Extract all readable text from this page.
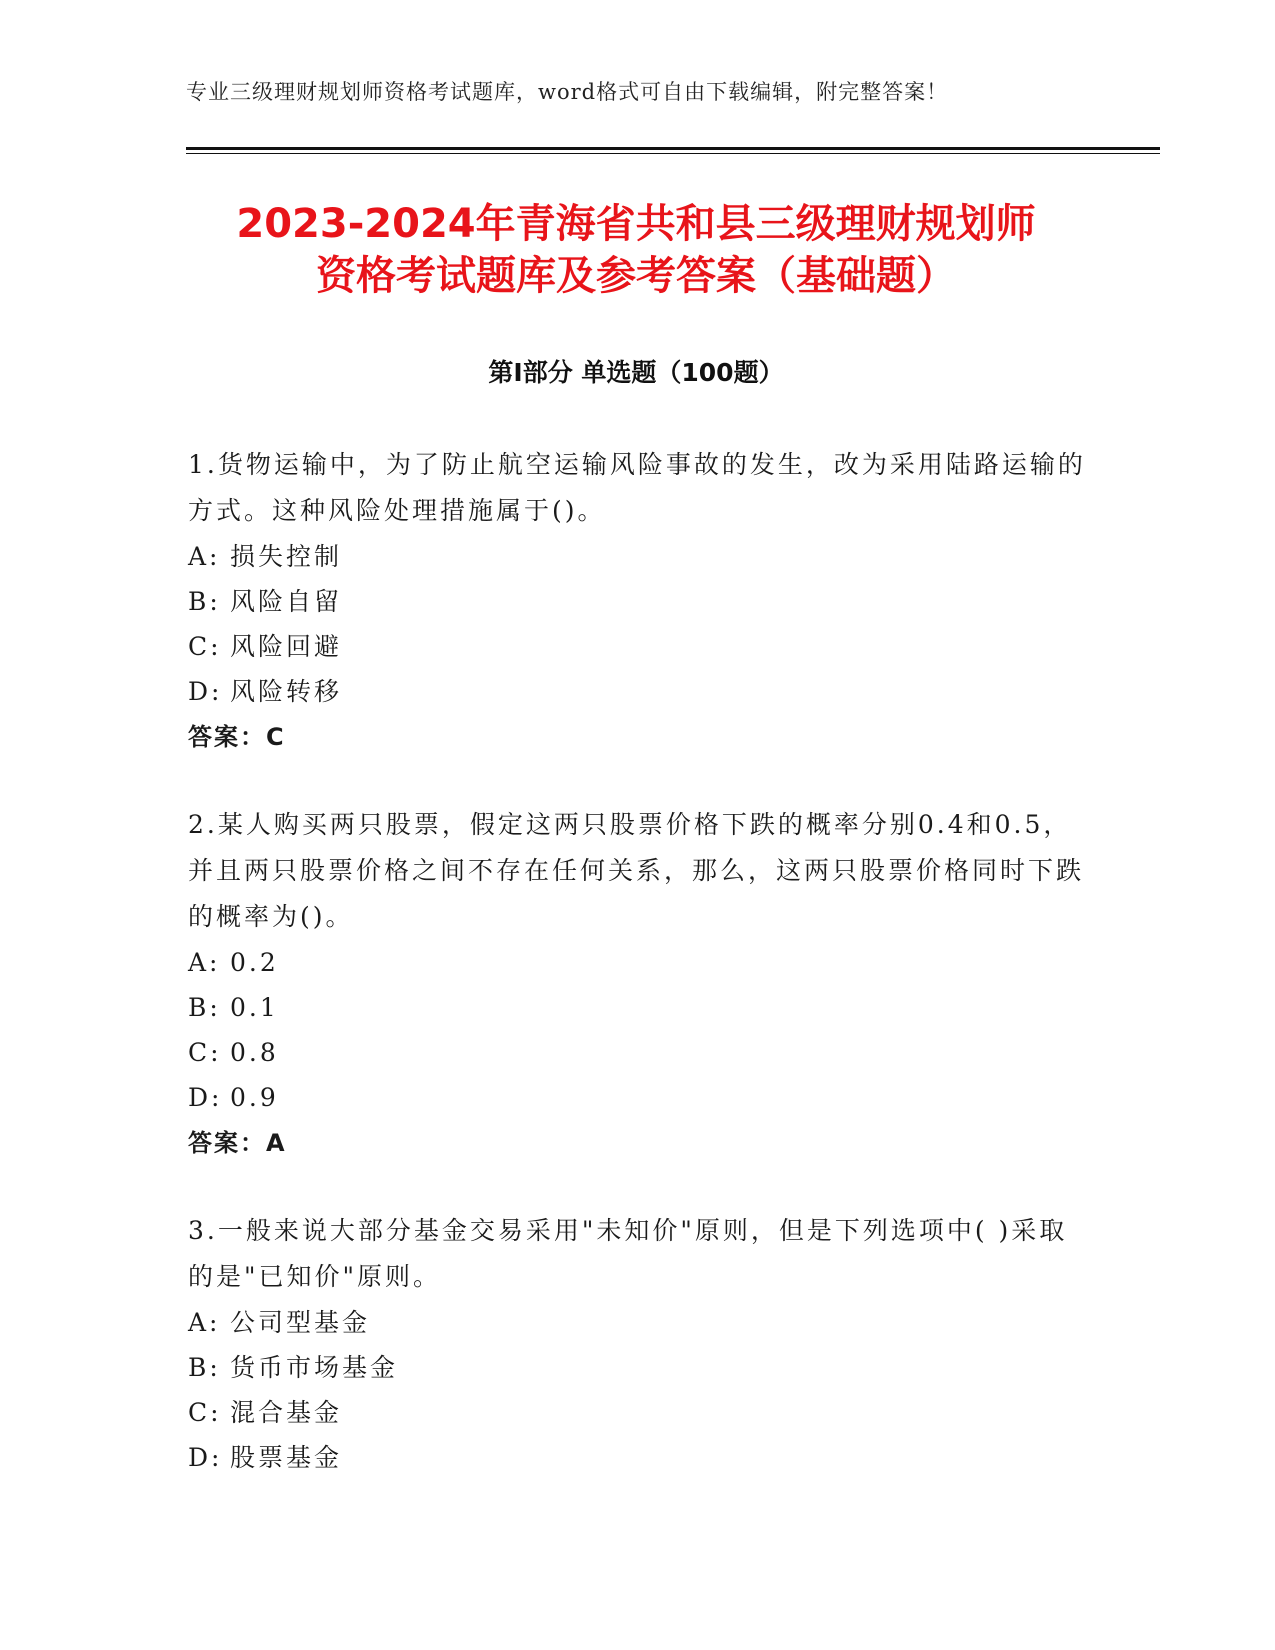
专业三级理财规划师资格考试题库，word格式可自由下载编辑，附完整答案！
2023-2024年青海省共和县三级理财规划师
资格考试题库及参考答案（基础题）
第Ⅰ部分 单选题（100题）

1.货物运输中，为了防止航空运输风险事故的发生，改为采用陆路运输的方式。这种风险处理措施属于()。

A: 损失控制

B: 风险自留

C: 风险回避

D: 风险转移

答案：C

2.某人购买两只股票，假定这两只股票价格下跌的概率分别0.4和0.5，并且两只股票价格之间不存在任何关系，那么，这两只股票价格同时下跌的概率为()。

A: 0.2

B: 0.1

C: 0.8

D: 0.9

答案：A

3.一般来说大部分基金交易采用"未知价"原则，但是下列选项中( )采取的是"已知价"原则。

A: 公司型基金

B: 货币市场基金

C: 混合基金

D: 股票基金
